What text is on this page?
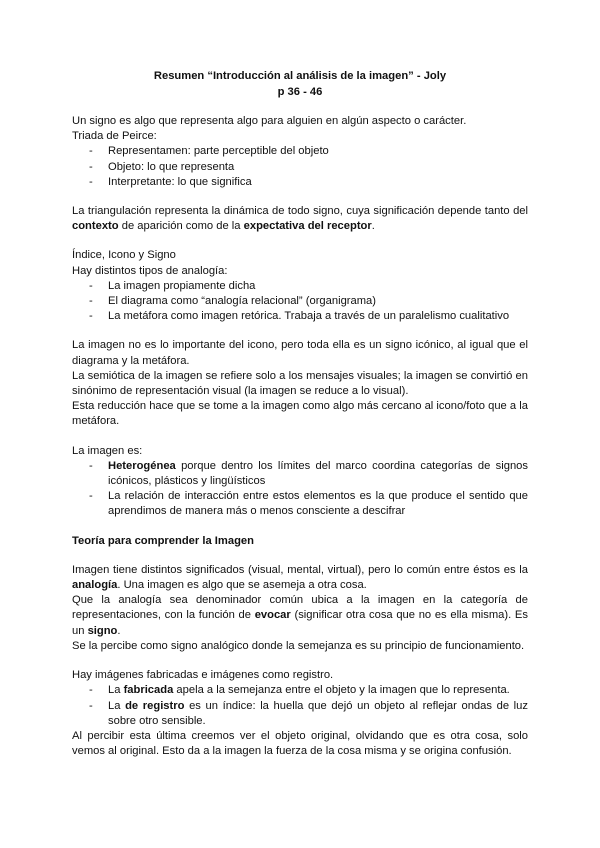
Resumen “Introducción al análisis de la imagen” - Joly
p 36 - 46

Un signo es algo que representa algo para alguien en algún aspecto o carácter.

Triada de Peirce:

- Representamen: parte perceptible del objeto
- Objeto: lo que representa
- Interpretante: lo que significa

La triangulación representa la dinámica de todo signo, cuya significación depende tanto del contexto de aparición como de la expectativa del receptor.

Índice, Icono y Signo

Hay distintos tipos de analogía:

- La imagen propiamente dicha
- El diagrama como “analogía relacional” (organigrama)
- La metáfora como imagen retórica. Trabaja a través de un paralelismo cualitativo

La imagen no es lo importante del icono, pero toda ella es un signo icónico, al igual que el diagrama y la metáfora.

La semiótica de la imagen se refiere solo a los mensajes visuales; la imagen se convirtió en sinónimo de representación visual (la imagen se reduce a lo visual).

Esta reducción hace que se tome a la imagen como algo más cercano al icono/foto que a la metáfora.

La imagen es:

- Heterogénea porque dentro los límites del marco coordina categorías de signos icónicos, plásticos y lingüísticos
- La relación de interacción entre estos elementos es la que produce el sentido que aprendimos de manera más o menos consciente a descifrar

Teoría para comprender la Imagen

Imagen tiene distintos significados (visual, mental, virtual), pero lo común entre éstos es la analogía. Una imagen es algo que se asemeja a otra cosa.

Que la analogía sea denominador común ubica a la imagen en la categoría de representaciones, con la función de evocar (significar otra cosa que no es ella misma). Es un signo.

Se la percibe como signo analógico donde la semejanza es su principio de funcionamiento.

Hay imágenes fabricadas e imágenes como registro.

- La fabricada apela a la semejanza entre el objeto y la imagen que lo representa.
- La de registro es un índice: la huella que dejó un objeto al reflejar ondas de luz sobre otro sensible.

Al percibir esta última creemos ver el objeto original, olvidando que es otra cosa, solo vemos al original. Esto da a la imagen la fuerza de la cosa misma y se origina confusión.
